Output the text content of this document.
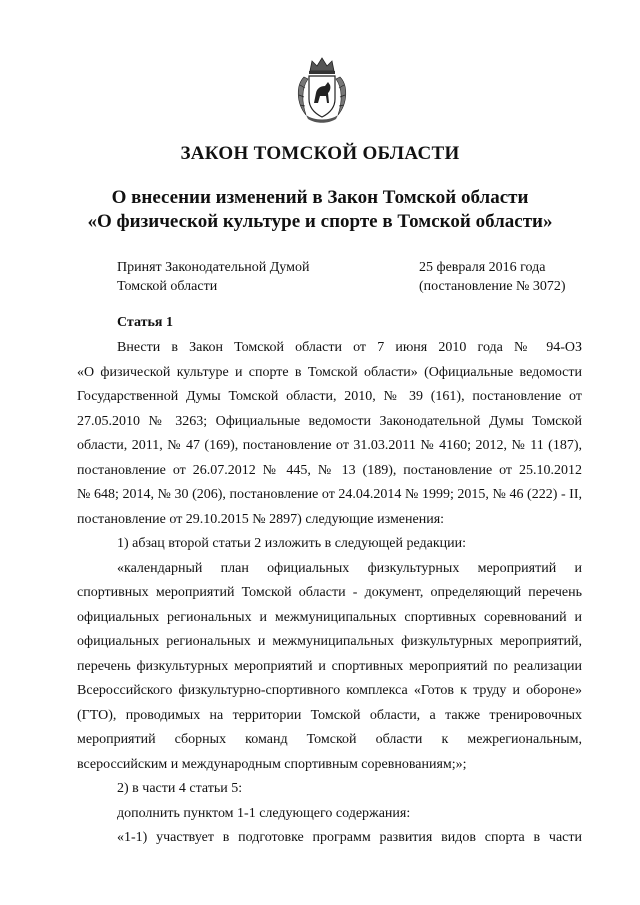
ЗАКОН ТОМСКОЙ ОБЛАСТИ
О внесении изменений в Закон Томской области
«О физической культуре и спорте в Томской области»
Принят Законодательной Думой
Томской области
25 февраля 2016 года
(постановление № 3072)
Статья 1
Внести в Закон Томской области от 7 июня 2010 года № 94-ОЗ
«О физической культуре и спорте в Томской области» (Официальные ведомости
Государственной Думы Томской области, 2010, № 39 (161), постановление от
27.05.2010 № 3263; Официальные ведомости Законодательной Думы Томской
области, 2011, № 47 (169), постановление от 31.03.2011 № 4160; 2012, № 11 (187),
постановление от 26.07.2012 № 445, № 13 (189), постановление от 25.10.2012
№ 648; 2014, № 30 (206), постановление от 24.04.2014 № 1999; 2015, № 46 (222) - II,
постановление от 29.10.2015 № 2897) следующие изменения:
1) абзац второй статьи 2 изложить в следующей редакции:
«календарный план официальных физкультурных мероприятий и
спортивных мероприятий Томской области - документ, определяющий перечень
официальных региональных и межмуниципальных спортивных соревнований и
официальных региональных и межмуниципальных физкультурных мероприятий,
перечень физкультурных мероприятий и спортивных мероприятий по реализации
Всероссийского физкультурно-спортивного комплекса «Готов к труду и обороне»
(ГТО), проводимых на территории Томской области, а также тренировочных
мероприятий сборных команд Томской области к межрегиональным,
всероссийским и международным спортивным соревнованиям;»;
2) в части 4 статьи 5:
дополнить пунктом 1-1 следующего содержания:
«1-1) участвует в подготовке программ развития видов спорта в части
